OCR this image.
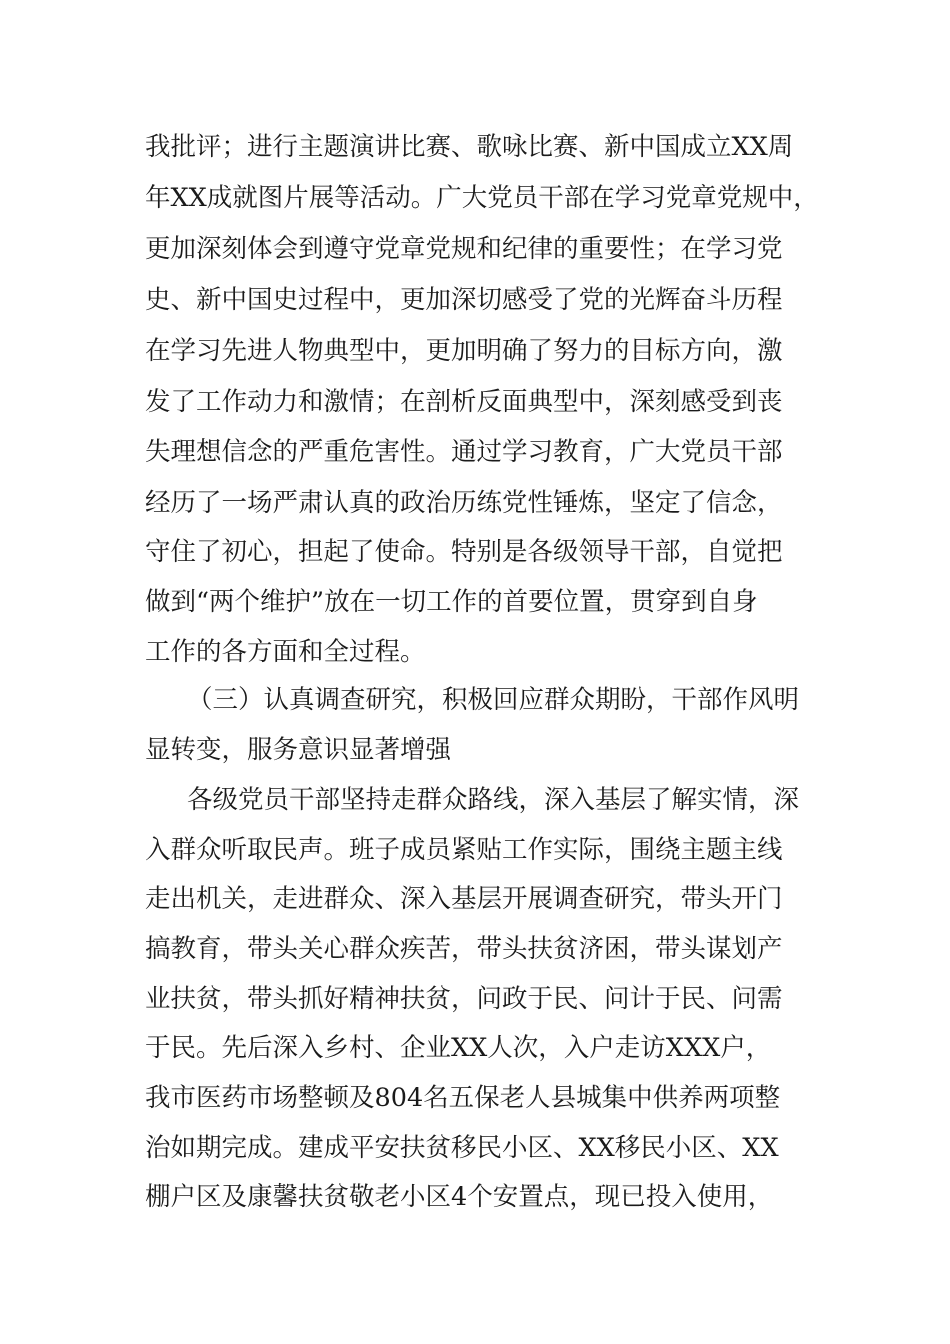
我批评；进行主题演讲比赛、歌咏比赛、新中国成立XX周

年XX成就图片展等活动。广大党员干部在学习党章党规中，

更加深刻体会到遵守党章党规和纪律的重要性；在学习党

史、新中国史过程中，更加深切感受了党的光辉奋斗历程

在学习先进人物典型中，更加明确了努力的目标方向，激

发了工作动力和激情；在剖析反面典型中，深刻感受到丧

失理想信念的严重危害性。通过学习教育，广大党员干部

经历了一场严肃认真的政治历练党性锤炼，坚定了信念，

守住了初心，担起了使命。特别是各级领导干部，自觉把

做到“两个维护”放在一切工作的首要位置，贯穿到自身

工作的各方面和全过程。

（三）认真调查研究，积极回应群众期盼，干部作风明

显转变，服务意识显著增强

各级党员干部坚持走群众路线，深入基层了解实情，深

入群众听取民声。班子成员紧贴工作实际，围绕主题主线

走出机关，走进群众、深入基层开展调查研究，带头开门

搞教育，带头关心群众疾苦，带头扶贫济困，带头谋划产

业扶贫，带头抓好精神扶贫，问政于民、问计于民、问需

于民。先后深入乡村、企业XX人次，入户走访XXX户，

我市医药市场整顿及804名五保老人县城集中供养两项整

治如期完成。建成平安扶贫移民小区、XX移民小区、XX

棚户区及康馨扶贫敬老小区4个安置点，现已投入使用，
